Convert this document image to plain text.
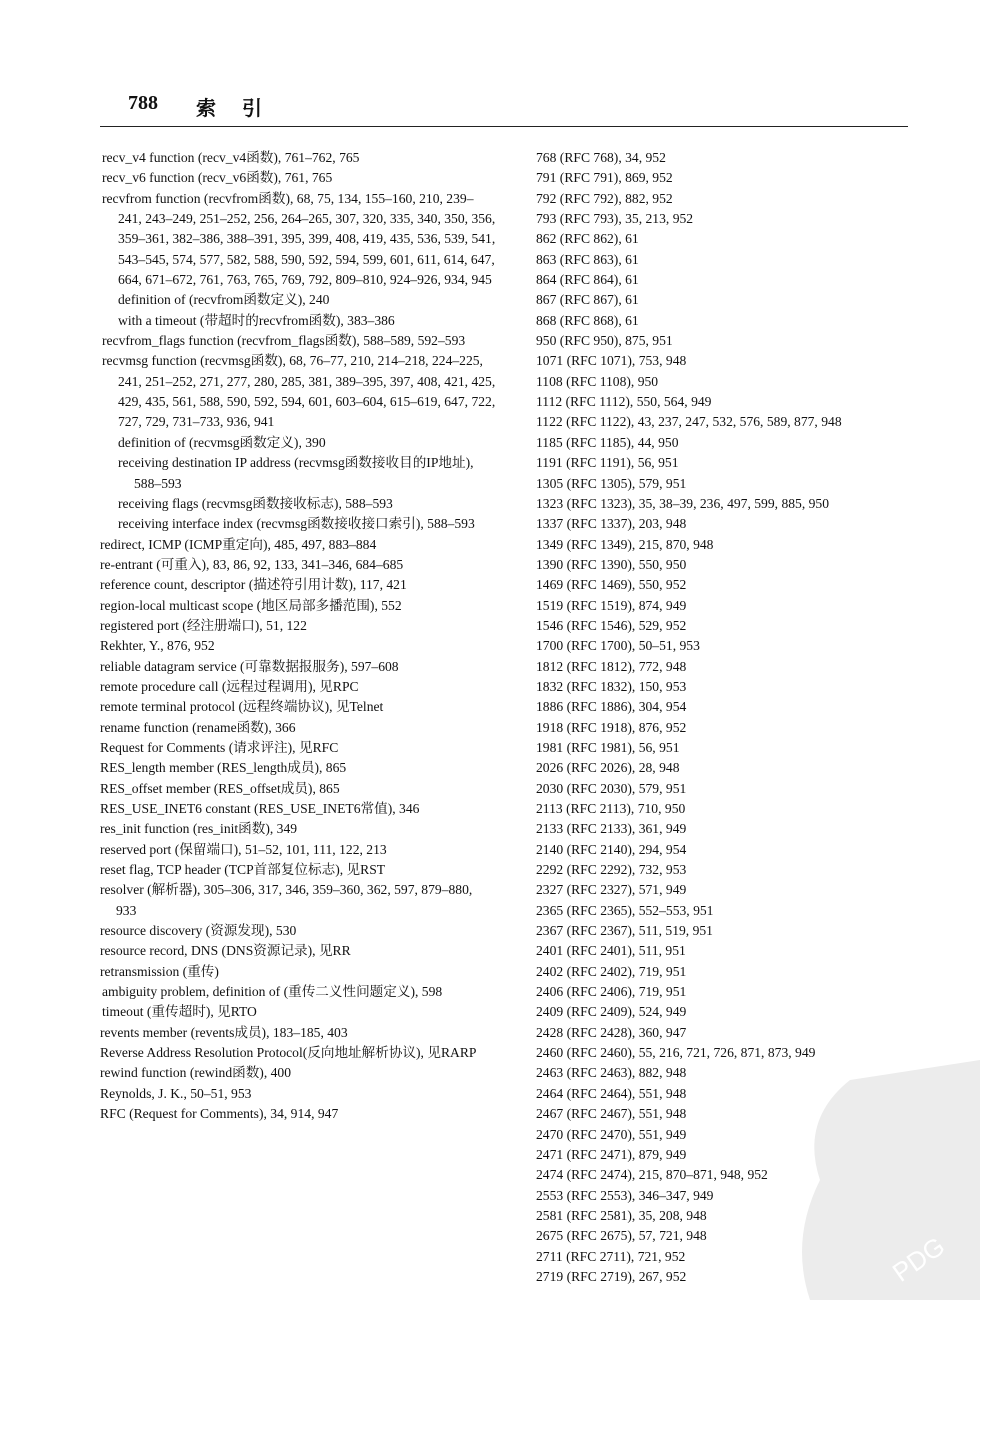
788 索引
recv_v4 function (recv_v4函数), 761–762, 765
recv_v6 function (recv_v6函数), 761, 765
recvfrom function (recvfrom函数), 68, 75, 134, 155–160, 210, 239–241, 243–249, 251–252, 256, 264–265, 307, 320, 335, 340, 350, 356, 359–361, 382–386, 388–391, 395, 399, 408, 419, 435, 536, 539, 541, 543–545, 574, 577, 582, 588, 590, 592, 594, 599, 601, 611, 614, 647, 664, 671–672, 761, 763, 765, 769, 792, 809–810, 924–926, 934, 945
definition of (recvfrom函数定义), 240
with a timeout (带超时的recvfrom函数), 383–386
recvfrom_flags function (recvfrom_flags函数), 588–589, 592–593
recvmsg function (recvmsg函数), 68, 76–77, 210, 214–218, 224–225, 241, 251–252, 271, 277, 280, 285, 381, 389–395, 397, 408, 421, 425, 429, 435, 561, 588, 590, 592, 594, 601, 603–604, 615–619, 647, 722, 727, 729, 731–733, 936, 941
definition of (recvmsg函数定义), 390
receiving destination IP address (recvmsg函数接收目的IP地址), 588–593
receiving flags (recvmsg函数接收标志), 588–593
receiving interface index (recvmsg函数接收接口索引), 588–593
redirect, ICMP (ICMP重定向), 485, 497, 883–884
re-entrant (可重入), 83, 86, 92, 133, 341–346, 684–685
reference count, descriptor (描述符引用计数), 117, 421
region-local multicast scope (地区局部多播范围), 552
registered port (经注册端口), 51, 122
Rekhter, Y., 876, 952
reliable datagram service (可靠数据报服务), 597–608
remote procedure call (远程过程调用), 见RPC
remote terminal protocol (远程终端协议), 见Telnet
rename function (rename函数), 366
Request for Comments (请求评注), 见RFC
RES_length member (RES_length成员), 865
RES_offset member (RES_offset成员), 865
RES_USE_INET6 constant (RES_USE_INET6常值), 346
res_init function (res_init函数), 349
reserved port (保留端口), 51–52, 101, 111, 122, 213
reset flag, TCP header (TCP首部复位标志), 见RST
resolver (解析器), 305–306, 317, 346, 359–360, 362, 597, 879–880, 933
resource discovery (资源发现), 530
resource record, DNS (DNS资源记录), 见RR
retransmission (重传)
ambiguity problem, definition of (重传二义性问题定义), 598
timeout (重传超时), 见RTO
revents member (revents成员), 183–185, 403
Reverse Address Resolution Protocol(反向地址解析协议), 见RARP
rewind function (rewind函数), 400
Reynolds, J. K., 50–51, 953
RFC (Request for Comments), 34, 914, 947
768 (RFC 768), 34, 952
791 (RFC 791), 869, 952
792 (RFC 792), 882, 952
793 (RFC 793), 35, 213, 952
862 (RFC 862), 61
863 (RFC 863), 61
864 (RFC 864), 61
867 (RFC 867), 61
868 (RFC 868), 61
950 (RFC 950), 875, 951
1071 (RFC 1071), 753, 948
1108 (RFC 1108), 950
1112 (RFC 1112), 550, 564, 949
1122 (RFC 1122), 43, 237, 247, 532, 576, 589, 877, 948
1185 (RFC 1185), 44, 950
1191 (RFC 1191), 56, 951
1305 (RFC 1305), 579, 951
1323 (RFC 1323), 35, 38–39, 236, 497, 599, 885, 950
1337 (RFC 1337), 203, 948
1349 (RFC 1349), 215, 870, 948
1390 (RFC 1390), 550, 950
1469 (RFC 1469), 550, 952
1519 (RFC 1519), 874, 949
1546 (RFC 1546), 529, 952
1700 (RFC 1700), 50–51, 953
1812 (RFC 1812), 772, 948
1832 (RFC 1832), 150, 953
1886 (RFC 1886), 304, 954
1918 (RFC 1918), 876, 952
1981 (RFC 1981), 56, 951
2026 (RFC 2026), 28, 948
2030 (RFC 2030), 579, 951
2113 (RFC 2113), 710, 950
2133 (RFC 2133), 361, 949
2140 (RFC 2140), 294, 954
2292 (RFC 2292), 732, 953
2327 (RFC 2327), 571, 949
2365 (RFC 2365), 552–553, 951
2367 (RFC 2367), 511, 519, 951
2401 (RFC 2401), 511, 951
2402 (RFC 2402), 719, 951
2406 (RFC 2406), 719, 951
2409 (RFC 2409), 524, 949
2428 (RFC 2428), 360, 947
2460 (RFC 2460), 55, 216, 721, 726, 871, 873, 949
2463 (RFC 2463), 882, 948
2464 (RFC 2464), 551, 948
2467 (RFC 2467), 551, 948
2470 (RFC 2470), 551, 949
2471 (RFC 2471), 879, 949
2474 (RFC 2474), 215, 870–871, 948, 952
2553 (RFC 2553), 346–347, 949
2581 (RFC 2581), 35, 208, 948
2675 (RFC 2675), 57, 721, 948
2711 (RFC 2711), 721, 952
2719 (RFC 2719), 267, 952	PDG
